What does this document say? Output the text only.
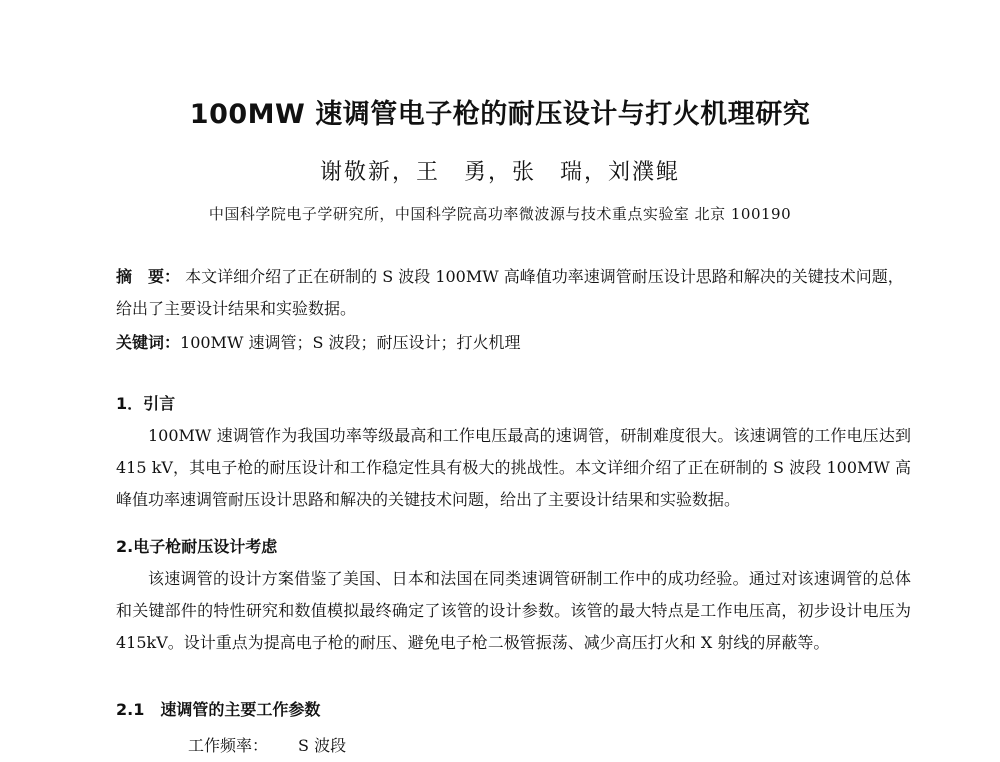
100MW 速调管电子枪的耐压设计与打火机理研究
谢敬新，王　勇，张　瑞，刘濮鲲
中国科学院电子学研究所，中国科学院高功率微波源与技术重点实验室 北京 100190
摘　要： 本文详细介绍了正在研制的 S 波段 100MW 高峰值功率速调管耐压设计思路和解决的关键技术问题，给出了主要设计结果和实验数据。
关键词：100MW 速调管；S 波段；耐压设计；打火机理
1．引言
100MW 速调管作为我国功率等级最高和工作电压最高的速调管，研制难度很大。该速调管的工作电压达到 415 kV，其电子枪的耐压设计和工作稳定性具有极大的挑战性。本文详细介绍了正在研制的 S 波段 100MW 高峰值功率速调管耐压设计思路和解决的关键技术问题，给出了主要设计结果和实验数据。
2.电子枪耐压设计考虑
该速调管的设计方案借鉴了美国、日本和法国在同类速调管研制工作中的成功经验。通过对该速调管的总体和关键部件的特性研究和数值模拟最终确定了该管的设计参数。该管的最大特点是工作电压高，初步设计电压为 415kV。设计重点为提高电子枪的耐压、避免电子枪二极管振荡、减少高压打火和 X 射线的屏蔽等。
2.1　速调管的主要工作参数
工作频率： S 波段
